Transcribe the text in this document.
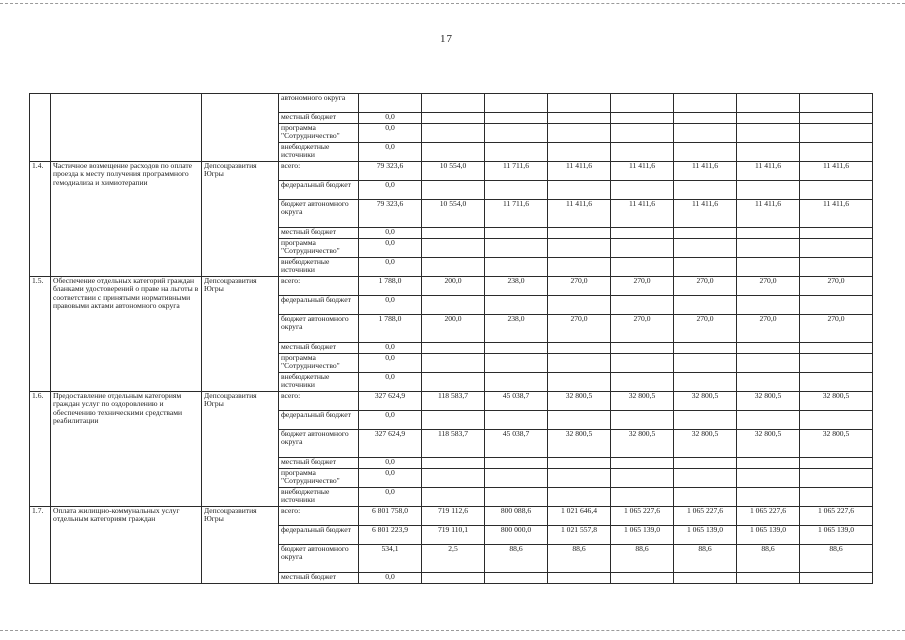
17
			автономного округа								
			местный бюджет	0,0							
			программа "Сотрудничество"	0,0							
			внебюджетные источники	0,0							
1.4.	Частичное возмещение расходов по оплате проезда к месту получения программного гемодиализа и химиотерапии	Депсоцразвития Югры	всего:	79 323,6	10 554,0	11 711,6	11 411,6	11 411,6	11 411,6	11 411,6	11 411,6
			федеральный бюджет	0,0							
			бюджет автономного округа	79 323,6	10 554,0	11 711,6	11 411,6	11 411,6	11 411,6	11 411,6	11 411,6
			местный бюджет	0,0							
			программа "Сотрудничество"	0,0							
			внебюджетные источники	0,0							
1.5.	Обеспечение отдельных категорий граждан бланками удостоверений о праве на льготы в соответствии с принятыми нормативными правовыми актами автономного округа	Депсоцразвития Югры	всего:	1 788,0	200,0	238,0	270,0	270,0	270,0	270,0	270,0
			федеральный бюджет	0,0							
			бюджет автономного округа	1 788,0	200,0	238,0	270,0	270,0	270,0	270,0	270,0
			местный бюджет	0,0							
			программа "Сотрудничество"	0,0							
			внебюджетные источники	0,0							
1.6.	Предоставление отдельным категориям граждан услуг по оздоровлению и обеспечению техническими средствами реабилитации	Депсоцразвития Югры	всего:	327 624,9	118 583,7	45 038,7	32 800,5	32 800,5	32 800,5	32 800,5	32 800,5
			федеральный бюджет	0,0							
			бюджет автономного округа	327 624,9	118 583,7	45 038,7	32 800,5	32 800,5	32 800,5	32 800,5	32 800,5
			местный бюджет	0,0							
			программа "Сотрудничество"	0,0							
			внебюджетные источники	0,0							
1.7.	Оплата жилищно-коммунальных услуг отдельным категориям граждан	Депсоцразвития Югры	всего:	6 801 758,0	719 112,6	800 088,6	1 021 646,4	1 065 227,6	1 065 227,6	1 065 227,6	1 065 227,6
			федеральный бюджет	6 801 223,9	719 110,1	800 000,0	1 021 557,8	1 065 139,0	1 065 139,0	1 065 139,0	1 065 139,0
			бюджет автономного округа	534,1	2,5	88,6	88,6	88,6	88,6	88,6	88,6
			местный бюджет	0,0							
